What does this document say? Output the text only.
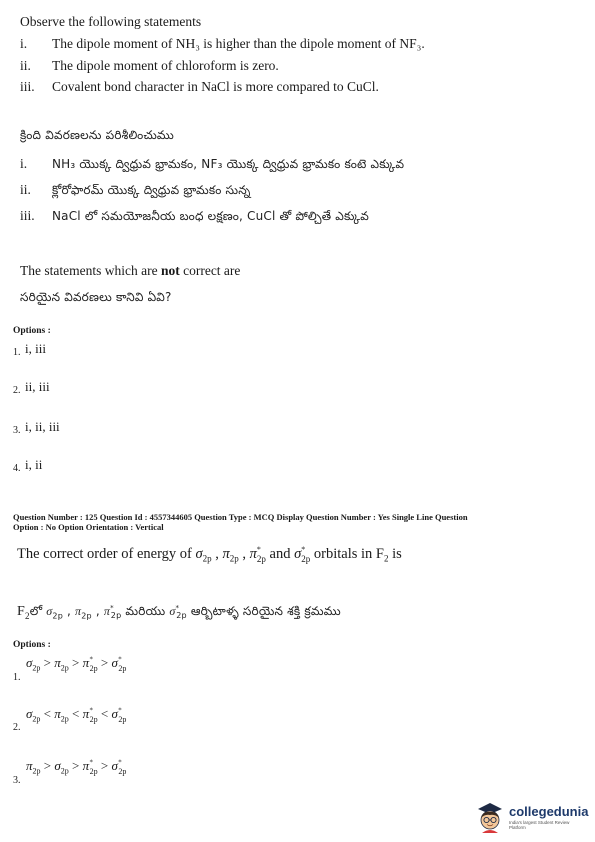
Observe the following statements
i. The dipole moment of NH₃ is higher than the dipole moment of NF₃.
ii. The dipole moment of chloroform is zero.
iii. Covalent bond character in NaCl is more compared to CuCl.
క్రింది వివరణలను పరిశీలించుము
i. NH₃ యొక్క ద్విధ్రువ భ్రామకం, NF₃ యొక్క ద్విధ్రువ భ్రామకం కంటె ఎక్కువ
ii. క్లోరోఫారమ్ యొక్క ద్విధ్రువ భ్రామకం సున్న
iii. NaCl లో సమయోజనీయ బంధ లక్షణం, CuCl తో పోల్చితే ఎక్కువ
The statements which are not correct are
సరియైన వివరణలు కానివి ఏవి?
Options :
1. i, iii
2. ii, iii
3. i, ii, iii
4. i, ii
Question Number : 125 Question Id : 4557344605 Question Type : MCQ Display Question Number : Yes Single Line Question
Option : No Option Orientation : Vertical
The correct order of energy of $\sigma_{2p}$ , $\pi_{2p}$ , $\pi^*_{2p}$ and $\sigma^*_{2p}$ orbitals in $F_2$ is
$F_2లో$ $\sigma_{2p}$ , $\pi_{2p}$ , $\pi^*_{2p}$ మరియు $\sigma^*_{2p}$ ఆర్బిటాళ్ళ సరియైన శక్తి క్రమము
Options :
1.
$\sigma_{2p} > \pi_{2p} > \pi^*_{2p} > \sigma^*_{2p}$
2.
$\sigma_{2p} < \pi_{2p} < \pi^*_{2p} < \sigma^*_{2p}$
3.
$\pi_{2p} > \sigma_{2p} > \pi^*_{2p} > \sigma^*_{2p}$
collegedunia
India's largest Student Review Platform
